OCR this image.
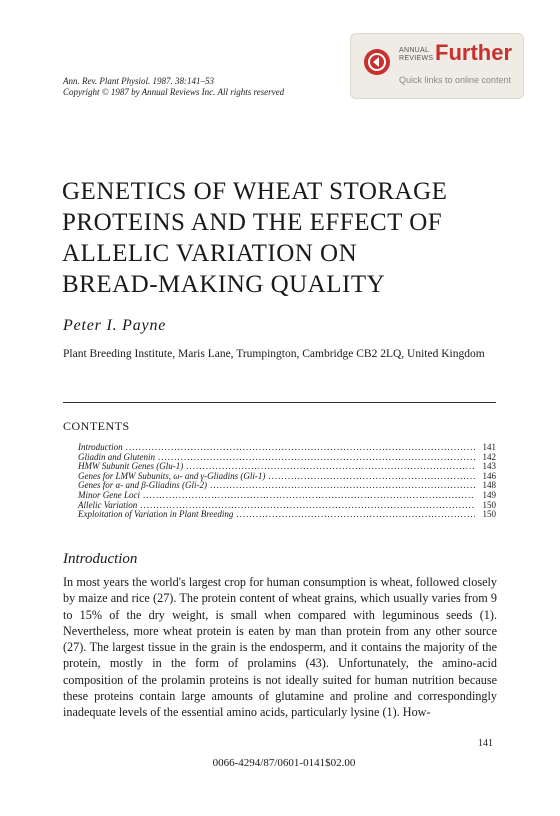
ANNUAL
REVIEWS Further
Quick links to online content
Ann. Rev. Plant Physiol. 1987. 38:141–53
Copyright © 1987 by Annual Reviews Inc. All rights reserved
GENETICS OF WHEAT STORAGE
PROTEINS AND THE EFFECT OF
ALLELIC VARIATION ON
BREAD-MAKING QUALITY
Peter I. Payne
Plant Breeding Institute, Maris Lane, Trumpington, Cambridge CB2 2LQ, United Kingdom
CONTENTS
Introduction .....	141
Gliadin and Glutenin .....	142
HMW Subunit Genes (Glu-1) .....	143
Genes for LMW Subunits, ω- and γ-Gliadins (Gli-1) .....	146
Genes for α- and β-Gliadins (Gli-2) .....	148
Minor Gene Loci .....	149
Allelic Variation .....	150
Exploitation of Variation in Plant Breeding .....	150
Introduction

In most years the world's largest crop for human consumption is wheat, followed closely by maize and rice (27). The protein content of wheat grains, which usually varies from 9 to 15% of the dry weight, is small when compared with leguminous seeds (1). Nevertheless, more wheat protein is eaten by man than protein from any other source (27). The largest tissue in the grain is the endosperm, and it contains the majority of the protein, mostly in the form of prolamins (43). Unfortunately, the amino-acid composition of the prolamin proteins is not ideally suited for human nutrition because these proteins contain large amounts of glutamine and proline and correspondingly inadequate levels of the essential amino acids, particularly lysine (1). How-

141
0066-4294/87/0601-0141$02.00
